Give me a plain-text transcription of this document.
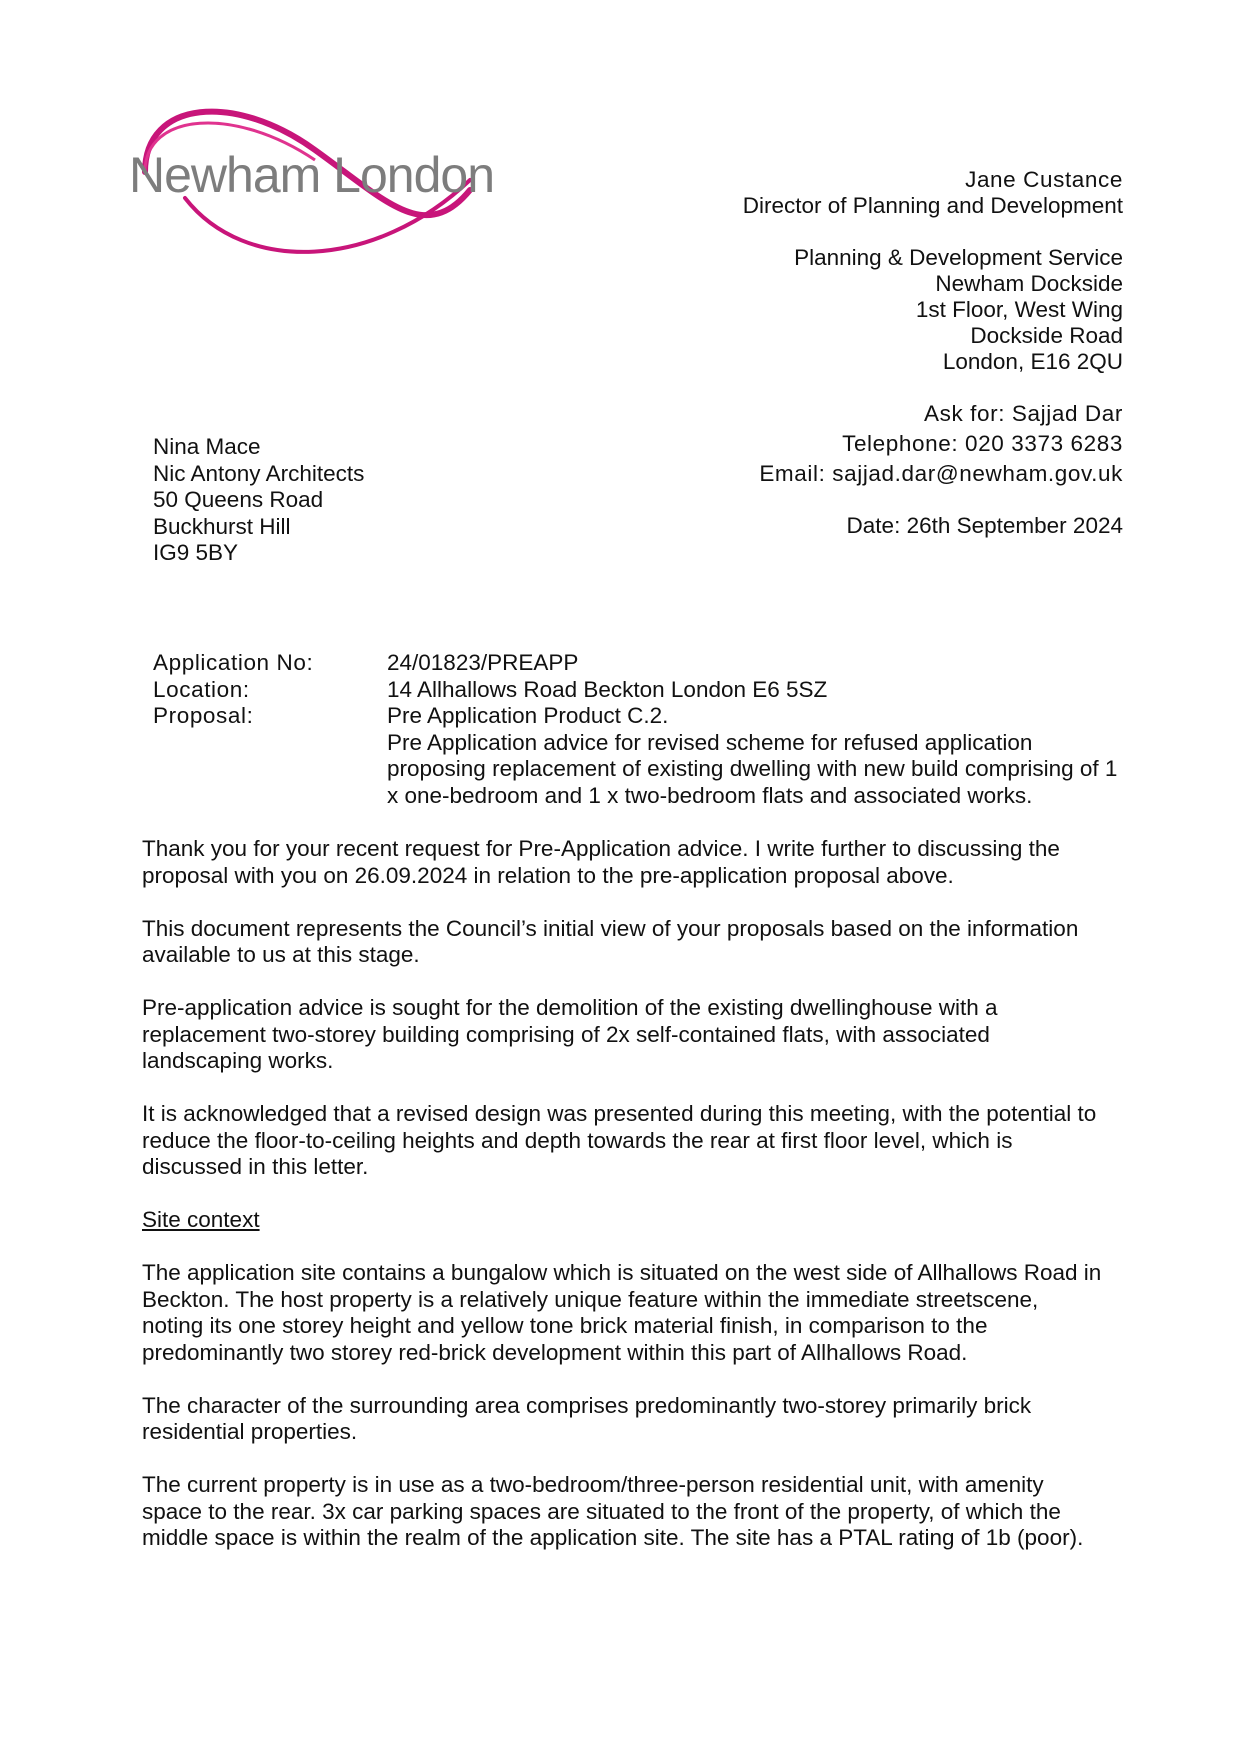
Newham London	Jane Custance
Director of Planning and Development
Planning & Development Service
Newham Dockside
1st Floor, West Wing
Dockside Road
London, E16 2QU
Ask for: Sajjad Dar
Telephone: 020 3373 6283
Email: sajjad.dar@newham.gov.uk
Date: 26th September 2024
Nina Mace
Nic Antony Architects
50 Queens Road
Buckhurst Hill
IG9 5BY
Application No:	24/01823/PREAPP
Location:	14 Allhallows Road Beckton London E6 5SZ
Proposal:	Pre Application Product C.2.
Pre Application advice for revised scheme for refused application proposing replacement of existing dwelling with new build comprising of 1 x one-bedroom and 1 x two-bedroom flats and associated works.

Thank you for your recent request for Pre-Application advice. I write further to discussing the proposal with you on 26.09.2024 in relation to the pre-application proposal above.

This document represents the Council’s initial view of your proposals based on the information available to us at this stage.

Pre-application advice is sought for the demolition of the existing dwellinghouse with a replacement two-storey building comprising of 2x self-contained flats, with associated landscaping works.

It is acknowledged that a revised design was presented during this meeting, with the potential to reduce the floor-to-ceiling heights and depth towards the rear at first floor level, which is discussed in this letter.

Site context

The application site contains a bungalow which is situated on the west side of Allhallows Road in Beckton. The host property is a relatively unique feature within the immediate streetscene, noting its one storey height and yellow tone brick material finish, in comparison to the predominantly two storey red-brick development within this part of Allhallows Road.

The character of the surrounding area comprises predominantly two-storey primarily brick residential properties.

The current property is in use as a two-bedroom/three-person residential unit, with amenity space to the rear. 3x car parking spaces are situated to the front of the property, of which the middle space is within the realm of the application site. The site has a PTAL rating of 1b (poor).
